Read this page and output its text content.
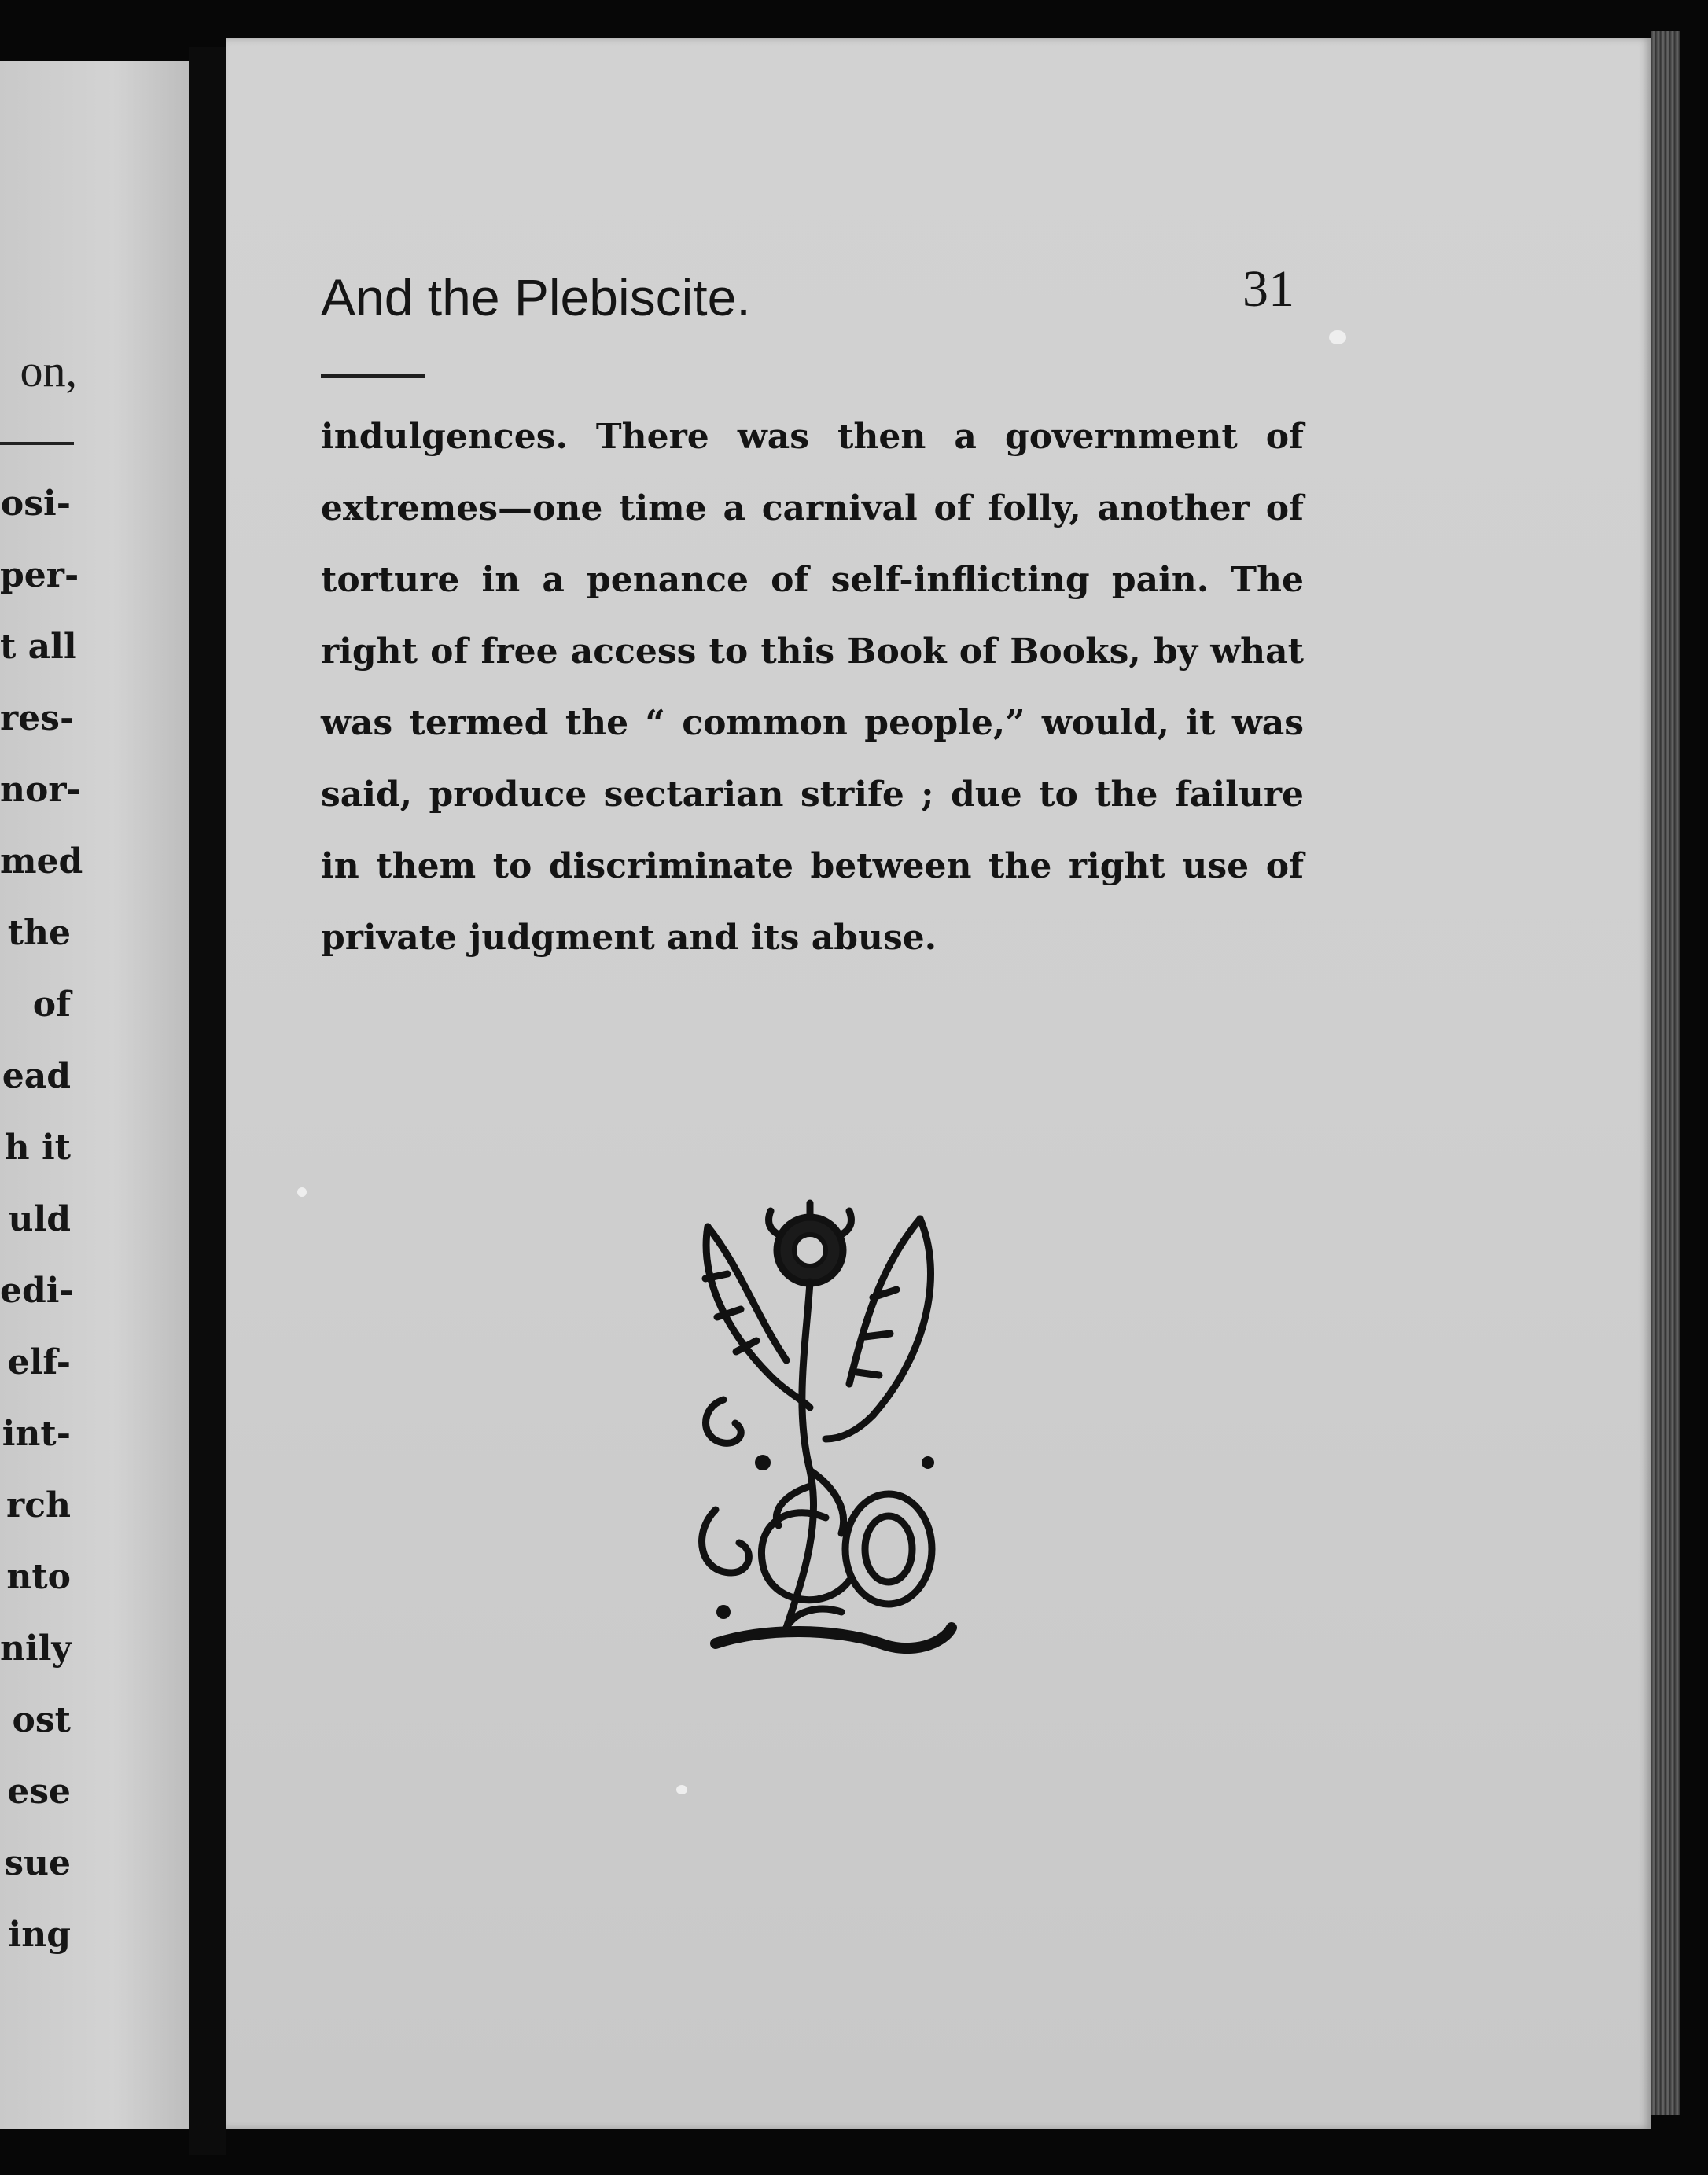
on,
osi-
per-
t all
res-
nor-
med
the
of
ead
h it
uld
edi-
elf-
int-
rch
nto
nily
ost
ese
sue
ing
And the Plebiscite.	31
indulgences. There was then a government of
extremes—one time a carnival of folly, another of
torture in a penance of self-inflicting pain. The
right of free access to this Book of Books, by what
was termed the “ common people,” would, it was
said, produce sectarian strife ; due to the failure
in them to discriminate between the right use of
private judgment and its abuse.
